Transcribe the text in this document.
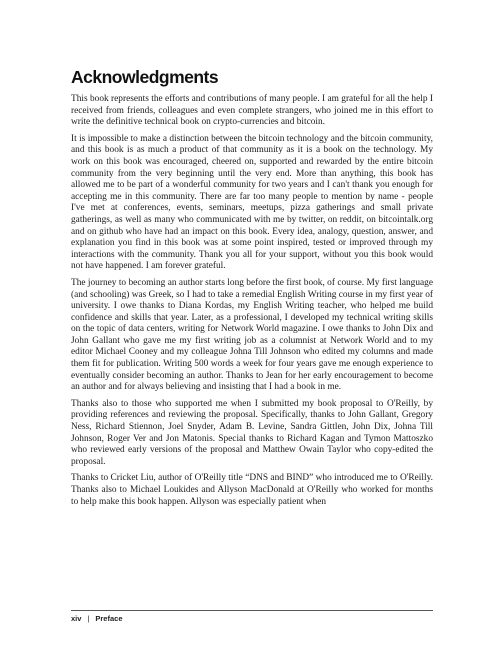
Acknowledgments

This book represents the efforts and contributions of many people. I am grateful for all the help I received from friends, colleagues and even complete strangers, who joined me in this effort to write the definitive technical book on crypto-currencies and bitcoin.

It is impossible to make a distinction between the bitcoin technology and the bitcoin community, and this book is as much a product of that community as it is a book on the technology. My work on this book was encouraged, cheered on, supported and rewarded by the entire bitcoin community from the very beginning until the very end. More than anything, this book has allowed me to be part of a wonderful community for two years and I can't thank you enough for accepting me in this community. There are far too many people to mention by name - people I've met at conferences, events, seminars, meetups, pizza gatherings and small private gatherings, as well as many who communicated with me by twitter, on reddit, on bitcointalk.org and on github who have had an impact on this book. Every idea, analogy, question, answer, and explanation you find in this book was at some point inspired, tested or improved through my interactions with the community. Thank you all for your support, without you this book would not have happened. I am forever grateful.

The journey to becoming an author starts long before the first book, of course. My first language (and schooling) was Greek, so I had to take a remedial English Writing course in my first year of university. I owe thanks to Diana Kordas, my English Writing teacher, who helped me build confidence and skills that year. Later, as a professional, I developed my technical writing skills on the topic of data centers, writing for Network World magazine. I owe thanks to John Dix and John Gallant who gave me my first writing job as a columnist at Network World and to my editor Michael Cooney and my colleague Johna Till Johnson who edited my columns and made them fit for publication. Writing 500 words a week for four years gave me enough experience to eventually consider becoming an author. Thanks to Jean for her early encouragement to become an author and for always believing and insisting that I had a book in me.

Thanks also to those who supported me when I submitted my book proposal to O'Reilly, by providing references and reviewing the proposal. Specifically, thanks to John Gallant, Gregory Ness, Richard Stiennon, Joel Snyder, Adam B. Levine, Sandra Gittlen, John Dix, Johna Till Johnson, Roger Ver and Jon Matonis. Special thanks to Richard Kagan and Tymon Mattoszko who reviewed early versions of the proposal and Matthew Owain Taylor who copy-edited the proposal.

Thanks to Cricket Liu, author of O'Reilly title “DNS and BIND” who introduced me to O'Reilly. Thanks also to Michael Loukides and Allyson MacDonald at O'Reilly who worked for months to help make this book happen. Allyson was especially patient when

xiv | Preface
